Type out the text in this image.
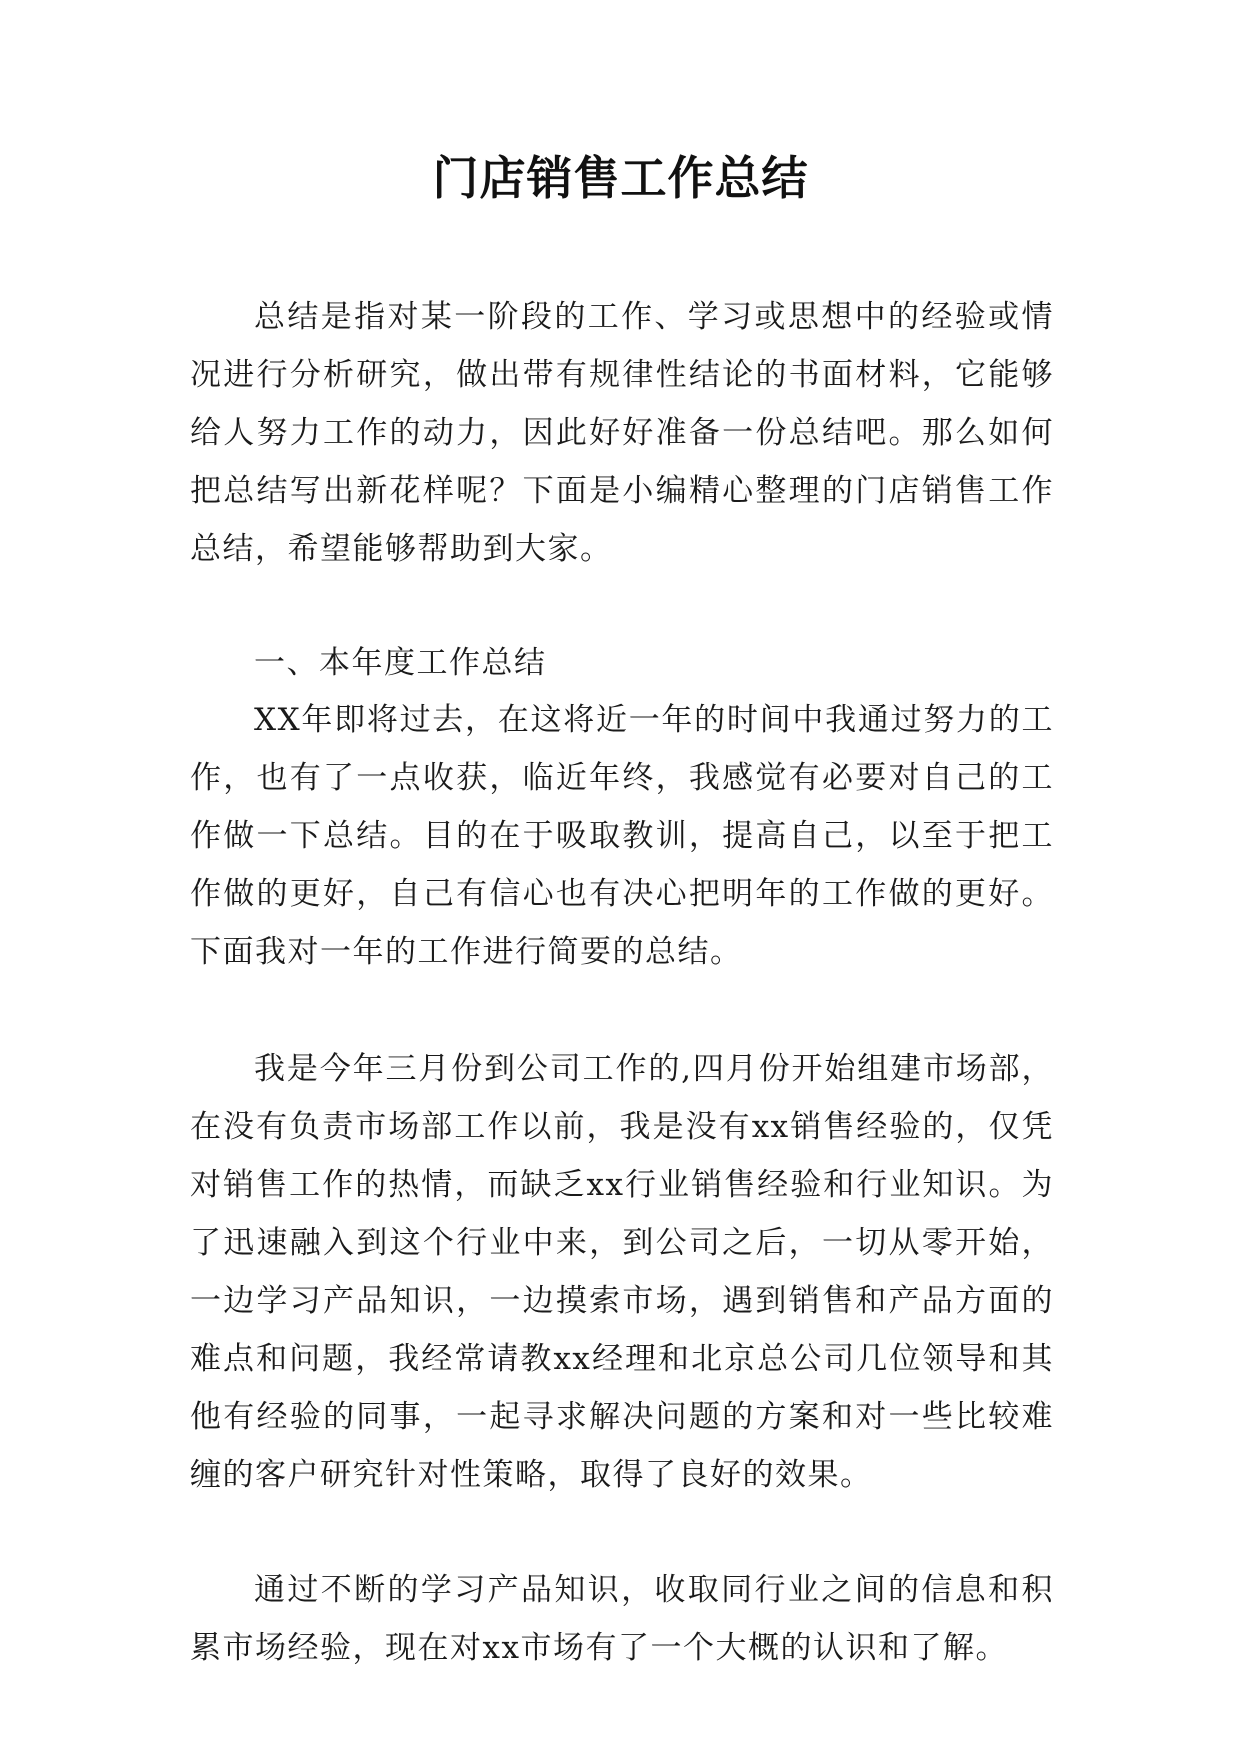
门店销售工作总结

总结是指对某一阶段的工作、学习或思想中的经验或情况进行分析研究，做出带有规律性结论的书面材料，它能够给人努力工作的动力，因此好好准备一份总结吧。那么如何把总结写出新花样呢？下面是小编精心整理的门店销售工作总结，希望能够帮助到大家。

一、本年度工作总结

XX年即将过去，在这将近一年的时间中我通过努力的工作，也有了一点收获，临近年终，我感觉有必要对自己的工作做一下总结。目的在于吸取教训，提高自己，以至于把工作做的更好，自己有信心也有决心把明年的工作做的更好。下面我对一年的工作进行简要的总结。

我是今年三月份到公司工作的,四月份开始组建市场部，在没有负责市场部工作以前，我是没有xx销售经验的，仅凭对销售工作的热情，而缺乏xx行业销售经验和行业知识。为了迅速融入到这个行业中来，到公司之后，一切从零开始，一边学习产品知识，一边摸索市场，遇到销售和产品方面的难点和问题，我经常请教xx经理和北京总公司几位领导和其他有经验的同事，一起寻求解决问题的方案和对一些比较难缠的客户研究针对性策略，取得了良好的效果。

通过不断的学习产品知识，收取同行业之间的信息和积累市场经验，现在对xx市场有了一个大概的认识和了解。
